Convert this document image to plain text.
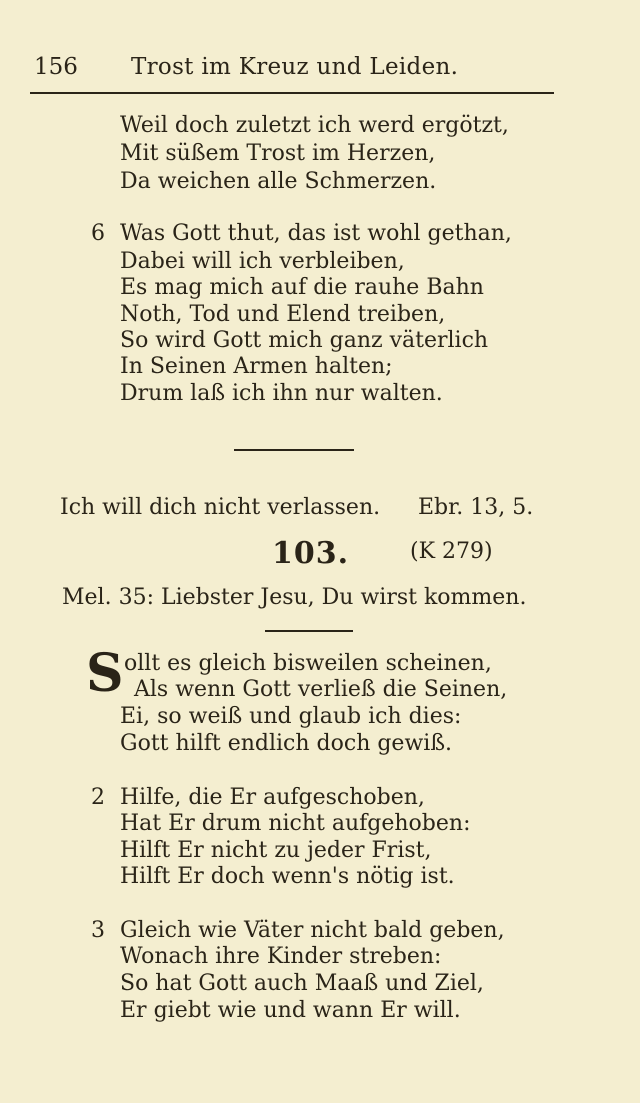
156 Trost im Kreuz und Leiden.
Weil doch zuletzt ich werd ergötzt,
Mit süßem Trost im Herzen,
Da weichen alle Schmerzen.
6 Was Gott thut, das ist wohl gethan,
Dabei will ich verbleiben,
Es mag mich auf die rauhe Bahn
Noth, Tod und Elend treiben,
So wird Gott mich ganz väterlich
In Seinen Armen halten;
Drum laß ich ihn nur walten.
Ich will dich nicht verlassen. Ebr. 13, 5.
103.	(K 279)
Mel. 35: Liebster Jesu, Du wirst kommen.
S ollt es gleich bisweilen scheinen,
Als wenn Gott verließ die Seinen,
Ei, so weiß und glaub ich dies:
Gott hilft endlich doch gewiß.
2 Hilfe, die Er aufgeschoben,
Hat Er drum nicht aufgehoben:
Hilft Er nicht zu jeder Frist,
Hilft Er doch wenn's nötig ist.
3 Gleich wie Väter nicht bald geben,
Wonach ihre Kinder streben:
So hat Gott auch Maaß und Ziel,
Er giebt wie und wann Er will.
